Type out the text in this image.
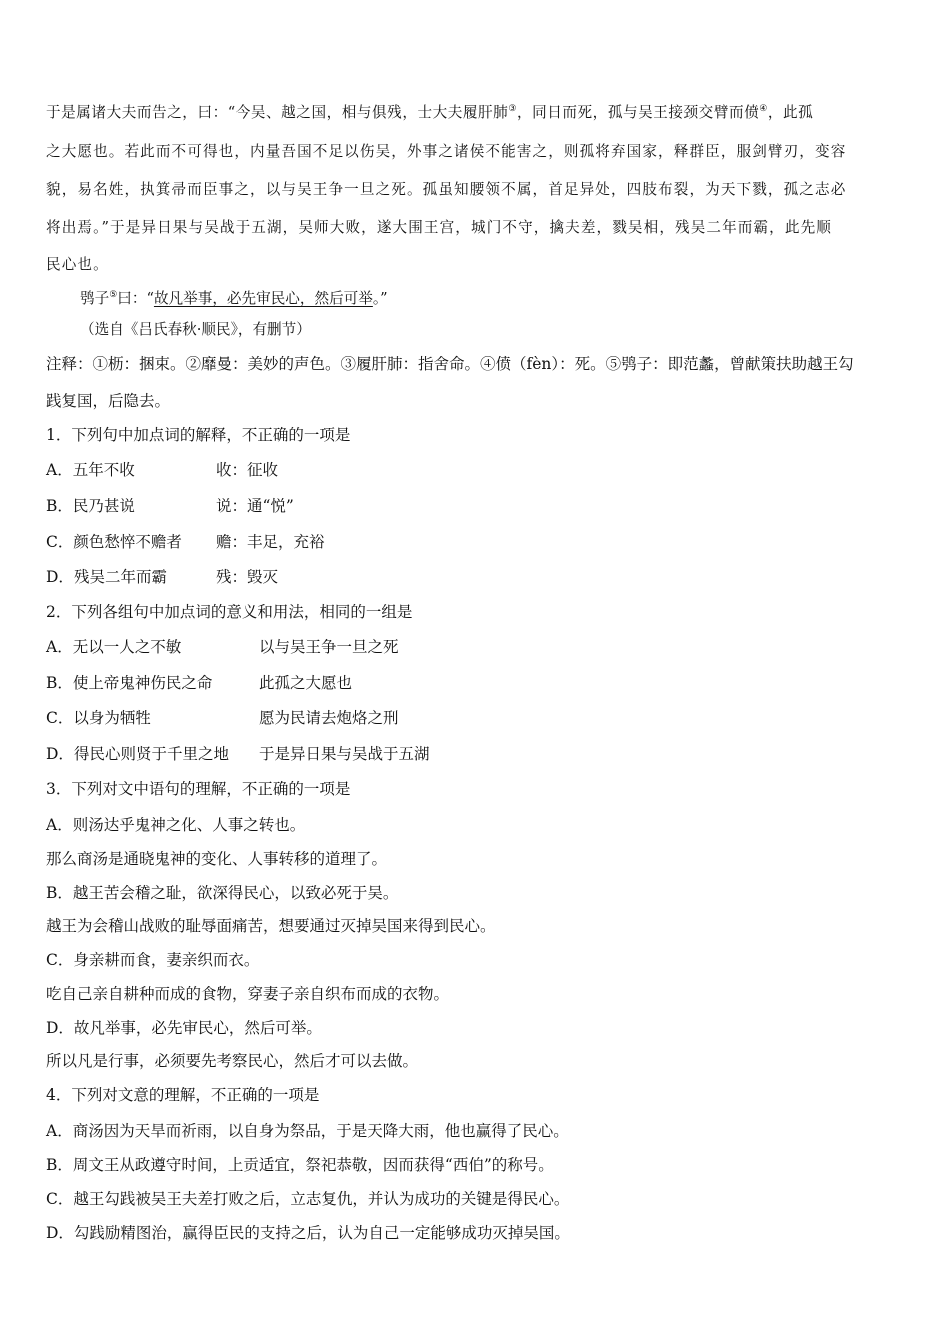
于是属诸大夫而告之，曰：“今吴、越之国，相与俱残，士大夫履肝肺③，同日而死，孤与吴王接颈交臂而偾④，此孤
之大愿也。若此而不可得也，内量吾国不足以伤吴，外事之诸侯不能害之，则孤将弃国家，释群臣，服剑臂刃，变容
貌，易名姓，执箕帚而臣事之，以与吴王争一旦之死。孤虽知腰领不属，首足异处，四肢布裂，为天下戮，孤之志必
将出焉。”于是异日果与吴战于五湖，吴师大败，遂大围王宫，城门不守，擒夫差，戮吴相，残吴二年而霸，此先顺
民心也。
鸮子⑤曰：“故凡举事，必先审民心，然后可举。”
（选自《吕氏春秋·顺民》，有删节）
注释：①枥：捆束。②靡曼：美妙的声色。③履肝肺：指舍命。④偾（fèn）：死。⑤鸮子：即范蠡，曾献策扶助越王勾
践复国，后隐去。
1．下列句中加点词的解释，不正确的一项是
A．五年不收	收：征收
B．民乃甚说	说：通“悦”
C．颜色愁悴不赡者 赡：丰足，充裕
D．残吴二年而霸	残：毁灭
2．下列各组句中加点词的意义和用法，相同的一组是
A．无以一人之不敏	以与吴王争一旦之死
B．使上帝鬼神伤民之命	此孤之大愿也
C．以身为牺牲	愿为民请去炮烙之刑
D．得民心则贤于千里之地 于是异日果与吴战于五湖
3．下列对文中语句的理解，不正确的一项是
A．则汤达乎鬼神之化、人事之转也。
那么商汤是通晓鬼神的变化、人事转移的道理了。
B．越王苦会稽之耻，欲深得民心，以致必死于吴。
越王为会稽山战败的耻辱面痛苦，想要通过灭掉吴国来得到民心。
C．身亲耕而食，妻亲织而衣。
吃自己亲自耕种而成的食物，穿妻子亲自织布而成的衣物。
D．故凡举事，必先审民心，然后可举。
所以凡是行事，必须要先考察民心，然后才可以去做。
4．下列对文意的理解，不正确的一项是
A．商汤因为天旱而祈雨，以自身为祭品，于是天降大雨，他也赢得了民心。
B．周文王从政遵守时间，上贡适宜，祭祀恭敬，因而获得“西伯”的称号。
C．越王勾践被吴王夫差打败之后，立志复仇，并认为成功的关键是得民心。
D．勾践励精图治，赢得臣民的支持之后，认为自己一定能够成功灭掉吴国。
